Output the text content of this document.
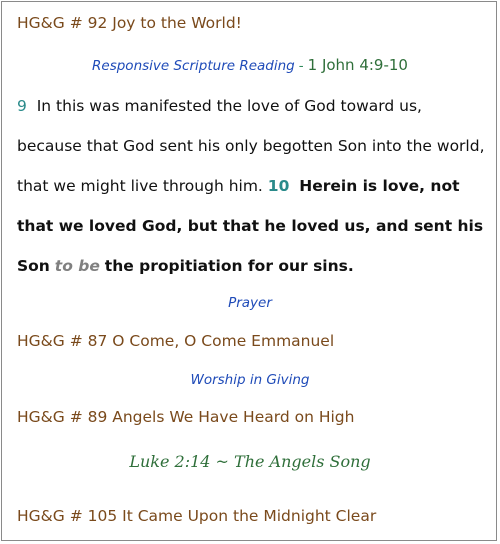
HG&G # 92 Joy to the World!
Responsive Scripture Reading - 1 John 4:9-10
9 In this was manifested the love of God toward us, because that God sent his only begotten Son into the world, that we might live through him. 10 Herein is love, not that we loved God, but that he loved us, and sent his Son to be the propitiation for our sins.
Prayer
HG&G # 87 O Come, O Come Emmanuel
Worship in Giving
HG&G # 89 Angels We Have Heard on High
Luke 2:14 ~ The Angels Song
HG&G # 105 It Came Upon the Midnight Clear
